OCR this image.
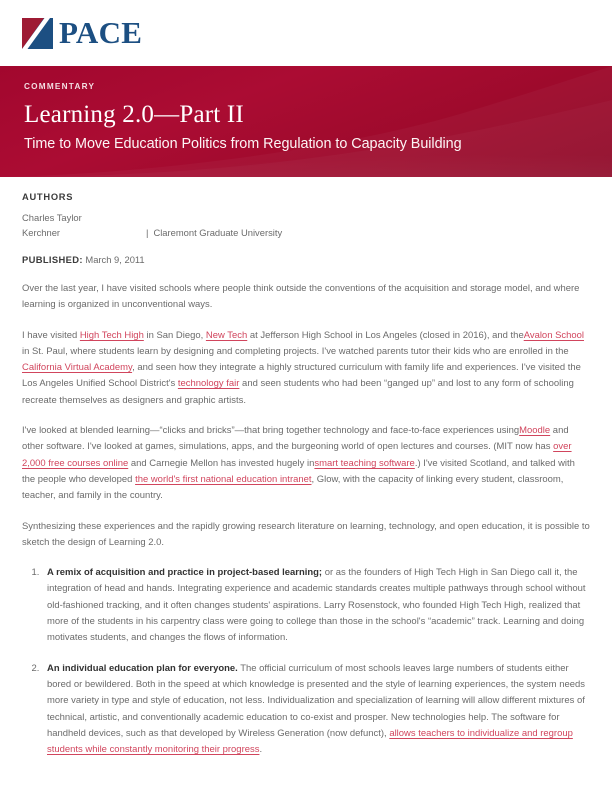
PACE
COMMENTARY
Learning 2.0—Part II
Time to Move Education Politics from Regulation to Capacity Building
AUTHORS
Charles Taylor
Kerchner	| Claremont Graduate University
PUBLISHED: March 9, 2011

Over the last year, I have visited schools where people think outside the conventions of the acquisition and storage model, and where learning is organized in unconventional ways.

I have visited High Tech High in San Diego, New Tech at Jefferson High School in Los Angeles (closed in 2016), and theAvalon School in St. Paul, where students learn by designing and completing projects. I've watched parents tutor their kids who are enrolled in the California Virtual Academy, and seen how they integrate a highly structured curriculum with family life and experiences. I've visited the Los Angeles Unified School District's technology fair and seen students who had been “ganged up” and lost to any form of schooling recreate themselves as designers and graphic artists.

I've looked at blended learning—“clicks and bricks”—that bring together technology and face-to-face experiences usingMoodle and other software. I've looked at games, simulations, apps, and the burgeoning world of open lectures and courses. (MIT now has over 2,000 free courses online and Carnegie Mellon has invested hugely insmart teaching software.) I've visited Scotland, and talked with the people who developed the world's first national education intranet, Glow, with the capacity of linking every student, classroom, teacher, and family in the country.

Synthesizing these experiences and the rapidly growing research literature on learning, technology, and open education, it is possible to sketch the design of Learning 2.0.

1. A remix of acquisition and practice in project-based learning; or as the founders of High Tech High in San Diego call it, the integration of head and hands. Integrating experience and academic standards creates multiple pathways through school without old-fashioned tracking, and it often changes students' aspirations. Larry Rosenstock, who founded High Tech High, realized that more of the students in his carpentry class were going to college than those in the school's “academic” track. Learning and doing motivates students, and changes the flows of information.
2. An individual education plan for everyone. The official curriculum of most schools leaves large numbers of students either bored or bewildered. Both in the speed at which knowledge is presented and the style of learning experiences, the system needs more variety in type and style of education, not less. Individualization and specialization of learning will allow different mixtures of technical, artistic, and conventionally academic education to co-exist and prosper. New technologies help. The software for handheld devices, such as that developed by Wireless Generation (now defunct), allows teachers to individualize and regroup students while constantly monitoring their progress.
